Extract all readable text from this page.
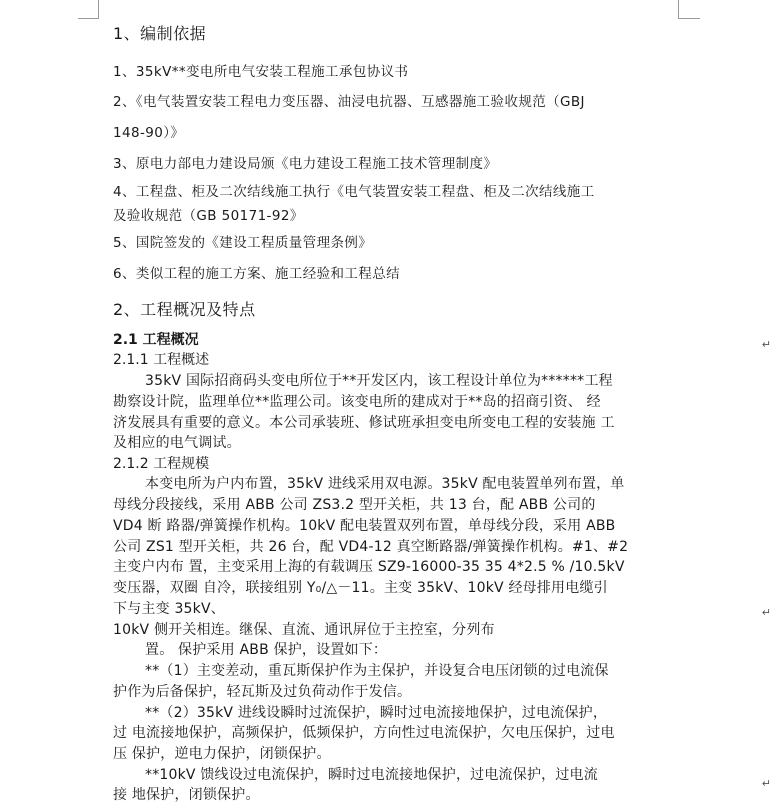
1、编制依据
1、35kV**变电所电气安装工程施工承包协议书
2、《电气装置安装工程电力变压器、油浸电抗器、互感器施工验收规范（GBJ
148-90）》
3、原电力部电力建设局颁《电力建设工程施工技术管理制度》
4、工程盘、柜及二次结线施工执行《电气装置安装工程盘、柜及二次结线施工
及验收规范（GB 50171-92》
5、国院签发的《建设工程质量管理条例》
6、类似工程的施工方案、施工经验和工程总结
2、工程概况及特点
2.1 工程概况
2.1.1 工程概述
35kV 国际招商码头变电所位于**开发区内，该工程设计单位为******工程
勘察设计院，监理单位**监理公司。该变电所的建成对于**岛的招商引资、 经
济发展具有重要的意义。本公司承装班、修试班承担变电所变电工程的安装施 工
及相应的电气调试。
2.1.2 工程规模
本变电所为户内布置，35kV 进线采用双电源。35kV 配电装置单列布置，单
母线分段接线，采用 ABB 公司 ZS3.2 型开关柜，共 13 台，配 ABB 公司的
VD4 断 路器/弹簧操作机构。10kV 配电装置双列布置，单母线分段，采用 ABB
公司 ZS1 型开关柜，共 26 台，配 VD4-12 真空断路器/弹簧操作机构。#1、#2
主变户内布 置，主变采用上海的有载调压 SZ9-16000-35 35 4*2.5 % /10.5kV
变压器，双圈 自冷，联接组别 Y₀/△－11。主变 35kV、10kV 经母排用电缆引
下与主变 35kV、
10kV 侧开关相连。继保、直流、通讯屏位于主控室，分列布
置。 保护采用 ABB 保护，设置如下：
**（1）主变差动，重瓦斯保护作为主保护，并设复合电压闭锁的过电流保
护作为后备保护，轻瓦斯及过负荷动作于发信。
**（2）35kV 进线设瞬时过流保护，瞬时过电流接地保护，过电流保护，
过 电流接地保护，高频保护，低频保护，方向性过电流保护，欠电压保护，过电
压 保护，逆电力保护，闭锁保护。
**10kV 馈线设过电流保护，瞬时过电流接地保护，过电流保护，过电流
接 地保护，闭锁保护。
↵
↵
↵
